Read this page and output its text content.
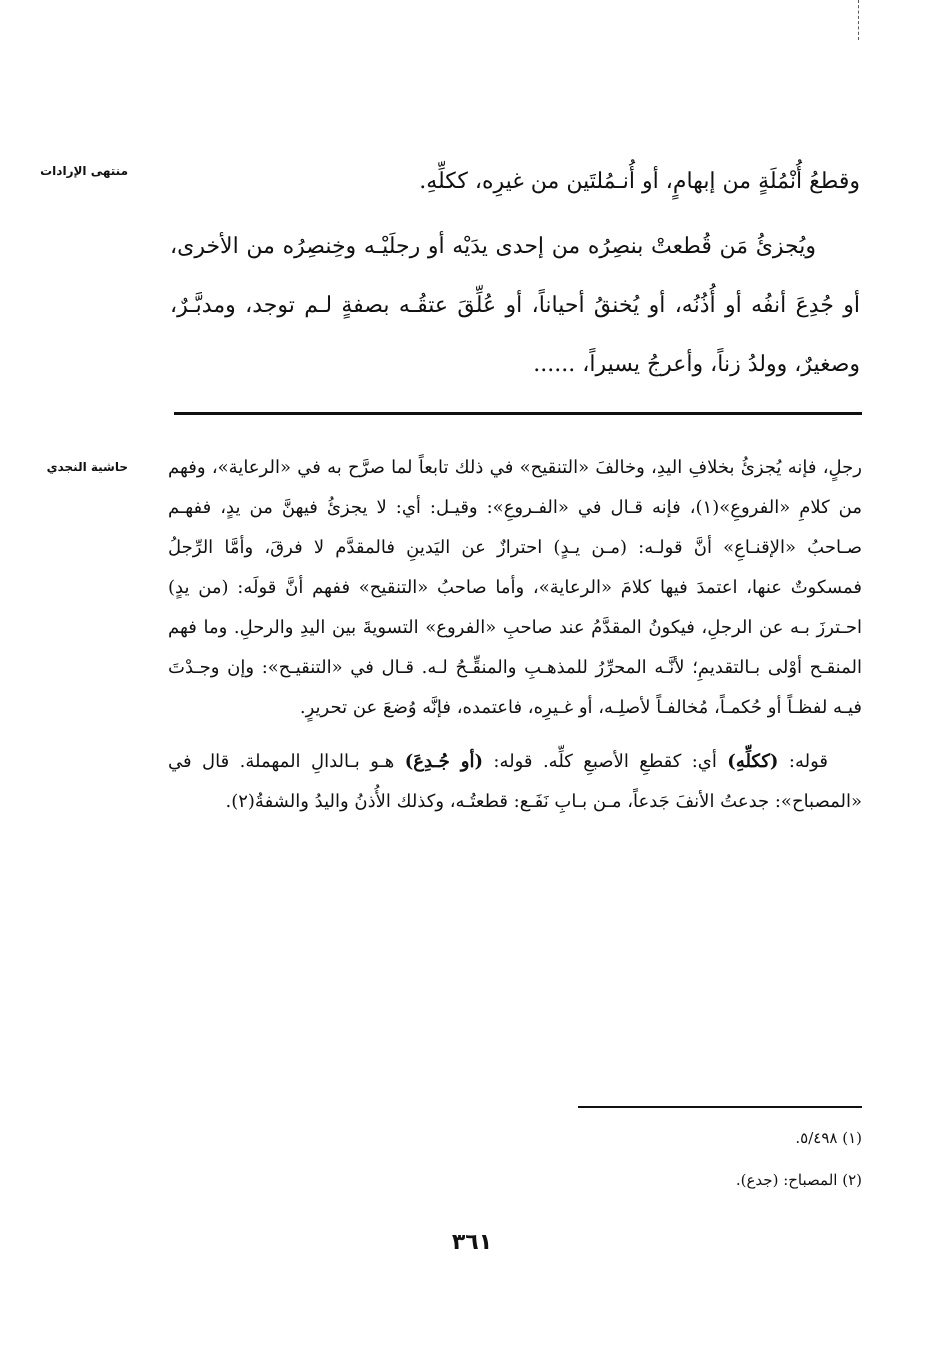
منتهى الإرادات	وقطعُ أُنْمُلَةٍ من إبهامٍ، أو أُنـمُلتَين من غيرِه، ككلِّهِ.

ويُجزئُ مَن قُطعتْ بنصِرُه من إحدى يدَيْه أو رجلَيْـه وخِنصِرُه من الأخرى، أو جُدِعَ أنفُه أو أُذُنُه، أو يُخنقُ أحياناً، أو عُلِّقَ عتقُـه بصفةٍ لـم توجد، ومدبَّـرٌ، وصغيرٌ، وولدُ زناً، وأعرجُ يسيراً، ......

حاشية النجدي رجلٍ، فإنه يُجزئُ بخلافِ اليدِ، وخالفَ «التنقيح» في ذلك تابعاً لما صرَّح به في «الرعاية»، وفهم من كلامِ «الفروعِ»(١)، فإنه قـال في «الفـروعِ»: وقيـل: أي: لا يجزئُ فيهنَّ من يدٍ، ففهـم صـاحبُ «الإقنـاعِ» أنَّ قولـه: (مـن يـدٍ) احترازٌ عن اليَدينِ فالمقدَّم لا فرقَ، وأمَّا الرِّجلُ فمسكوتٌ عنها، اعتمدَ فيها كلامَ «الرعاية»، وأما صاحبُ «التنقيح» ففهم أنَّ قولَه: (من يدٍ) احـترزَ بـه عن الرجلِ، فيكونُ المقدَّمُ عند صاحبِ «الفروع» التسويةَ بين اليدِ والرحلِ. وما فهم المنقـح أوْلى بـالتقديمِ؛ لأنَّـه المحرِّرُ للمذهـبِ والمنقِّـحُ لـه. قـال في «التنقيـح»: وإن وجـدْتَ فيـه لفظـاً أو حُكمـاً، مُخالفـاً لأصلِـه، أو غـيرِه، فاعتمده، فإنَّه وُضعَ عن تحريرٍ.

قوله: (ككلِّهِ) أي: كقطعِ الأصبعِ كلِّه. قوله: (أو جُـدِعَ) هـو بـالدالِ المهملة. قال في «المصباح»: جدعتُ الأنفَ جَدعاً، مـن بـابِ نَفَـع: قطعتُـه، وكذلك الأُذنُ واليدُ والشفةُ(٢).

(١) ٥/٤٩٨.

(٢) المصباح: (جدع).

٣٦١
